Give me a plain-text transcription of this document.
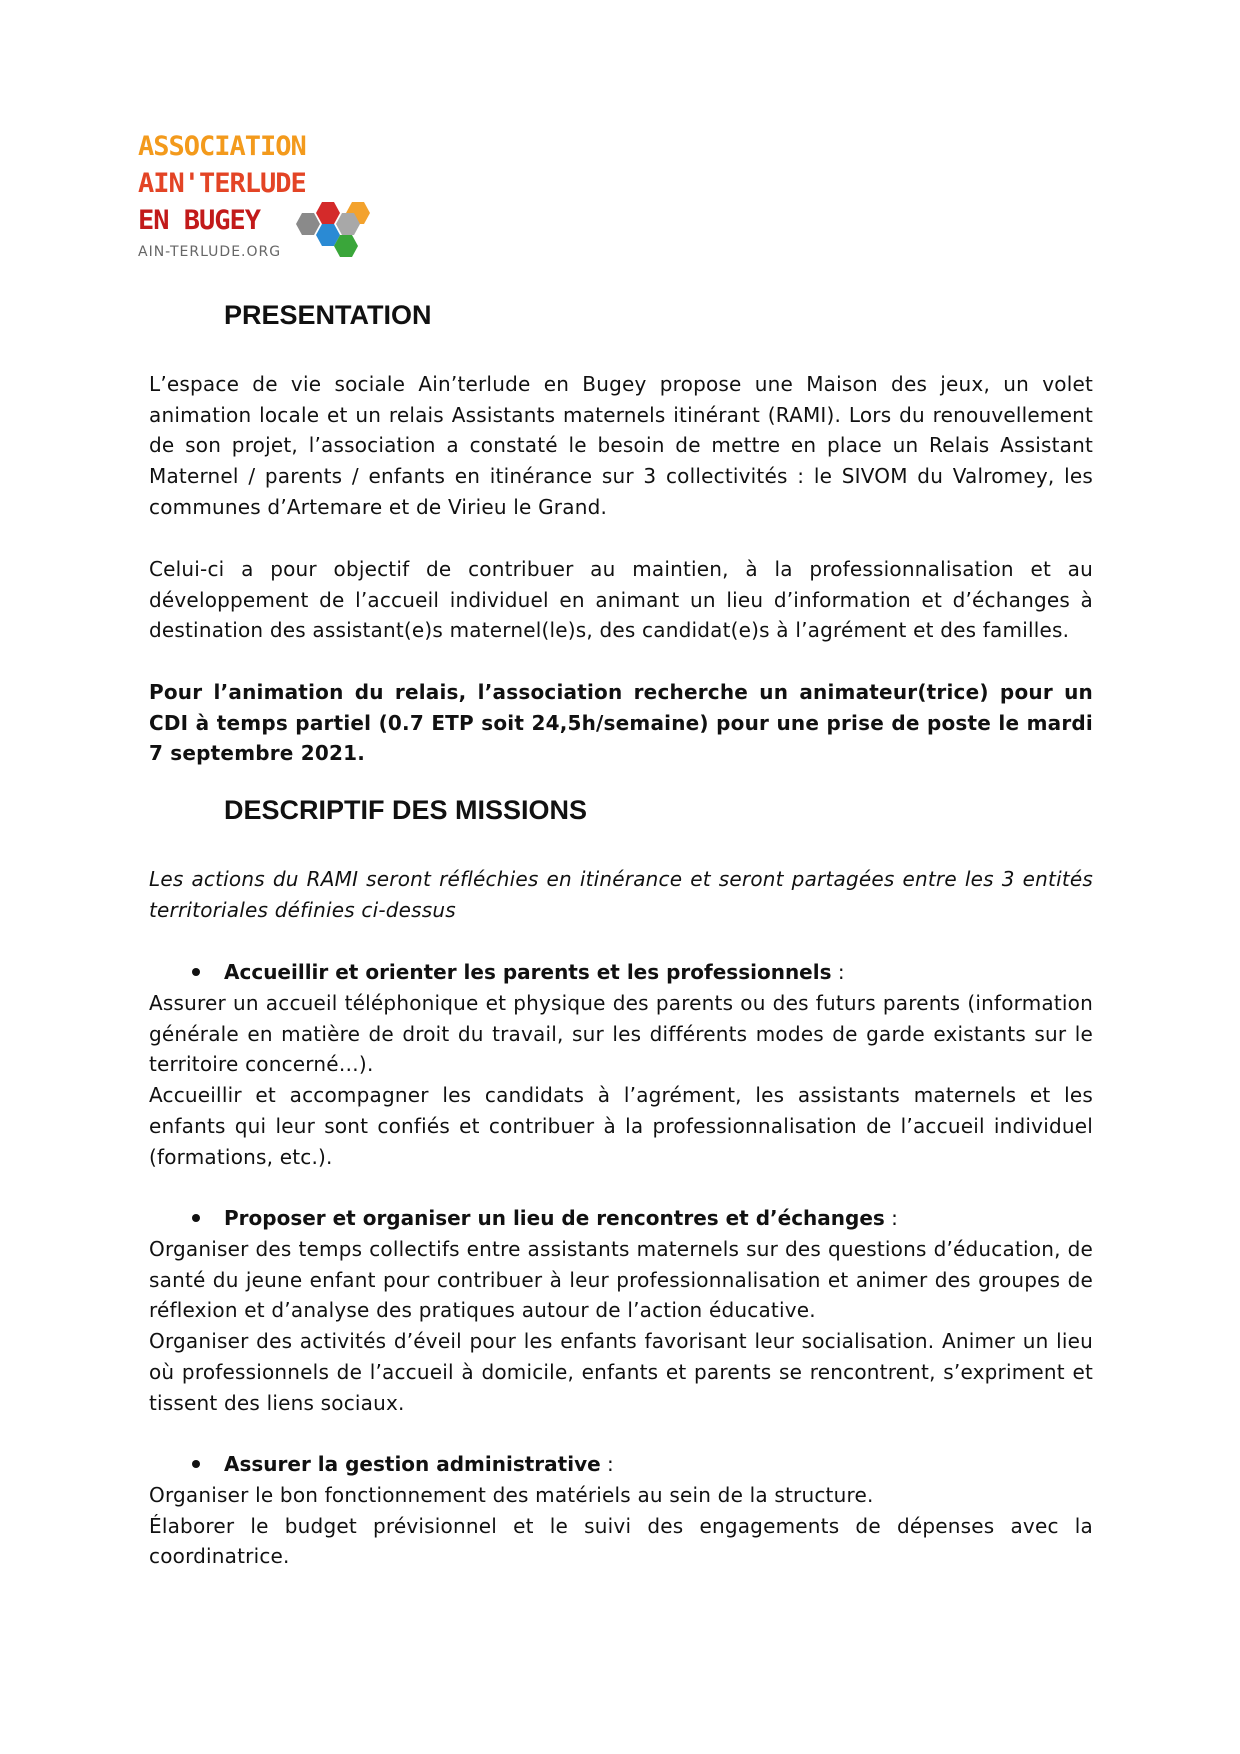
ASSOCIATION
AIN'TERLUDE
EN BUGEY
AIN-TERLUDE.ORG
PRESENTATION

L’espace de vie sociale Ain’terlude en Bugey propose une Maison des jeux, un volet animation locale et un relais Assistants maternels itinérant (RAMI). Lors du renouvellement de son projet, l’association a constaté le besoin de mettre en place un Relais Assistant Maternel / parents / enfants en itinérance sur 3 collectivités : le SIVOM du Valromey, les communes d’Artemare et de Virieu le Grand.

Celui-ci a pour objectif de contribuer au maintien, à la professionnalisation et au développement de l’accueil individuel en animant un lieu d’information et d’échanges à destination des assistant(e)s maternel(le)s, des candidat(e)s à l’agrément et des familles.

Pour l’animation du relais, l’association recherche un animateur(trice) pour un CDI à temps partiel (0.7 ETP soit 24,5h/semaine) pour une prise de poste le mardi 7 septembre 2021.

DESCRIPTIF DES MISSIONS

Les actions du RAMI seront réfléchies en itinérance et seront partagées entre les 3 entités territoriales définies ci-dessus

Accueillir et orienter les parents et les professionnels :

Assurer un accueil téléphonique et physique des parents ou des futurs parents (information générale en matière de droit du travail, sur les différents modes de garde existants sur le territoire concerné…).
Accueillir et accompagner les candidats à l’agrément, les assistants maternels et les enfants qui leur sont confiés et contribuer à la professionnalisation de l’accueil individuel (formations, etc.).

Proposer et organiser un lieu de rencontres et d’échanges :

Organiser des temps collectifs entre assistants maternels sur des questions d’éducation, de santé du jeune enfant pour contribuer à leur professionnalisation et animer des groupes de réflexion et d’analyse des pratiques autour de l’action éducative.
Organiser des activités d’éveil pour les enfants favorisant leur socialisation. Animer un lieu où professionnels de l’accueil à domicile, enfants et parents se rencontrent, s’expriment et tissent des liens sociaux.

Assurer la gestion administrative :

Organiser le bon fonctionnement des matériels au sein de la structure.
Élaborer le budget prévisionnel et le suivi des engagements de dépenses avec la coordinatrice.
